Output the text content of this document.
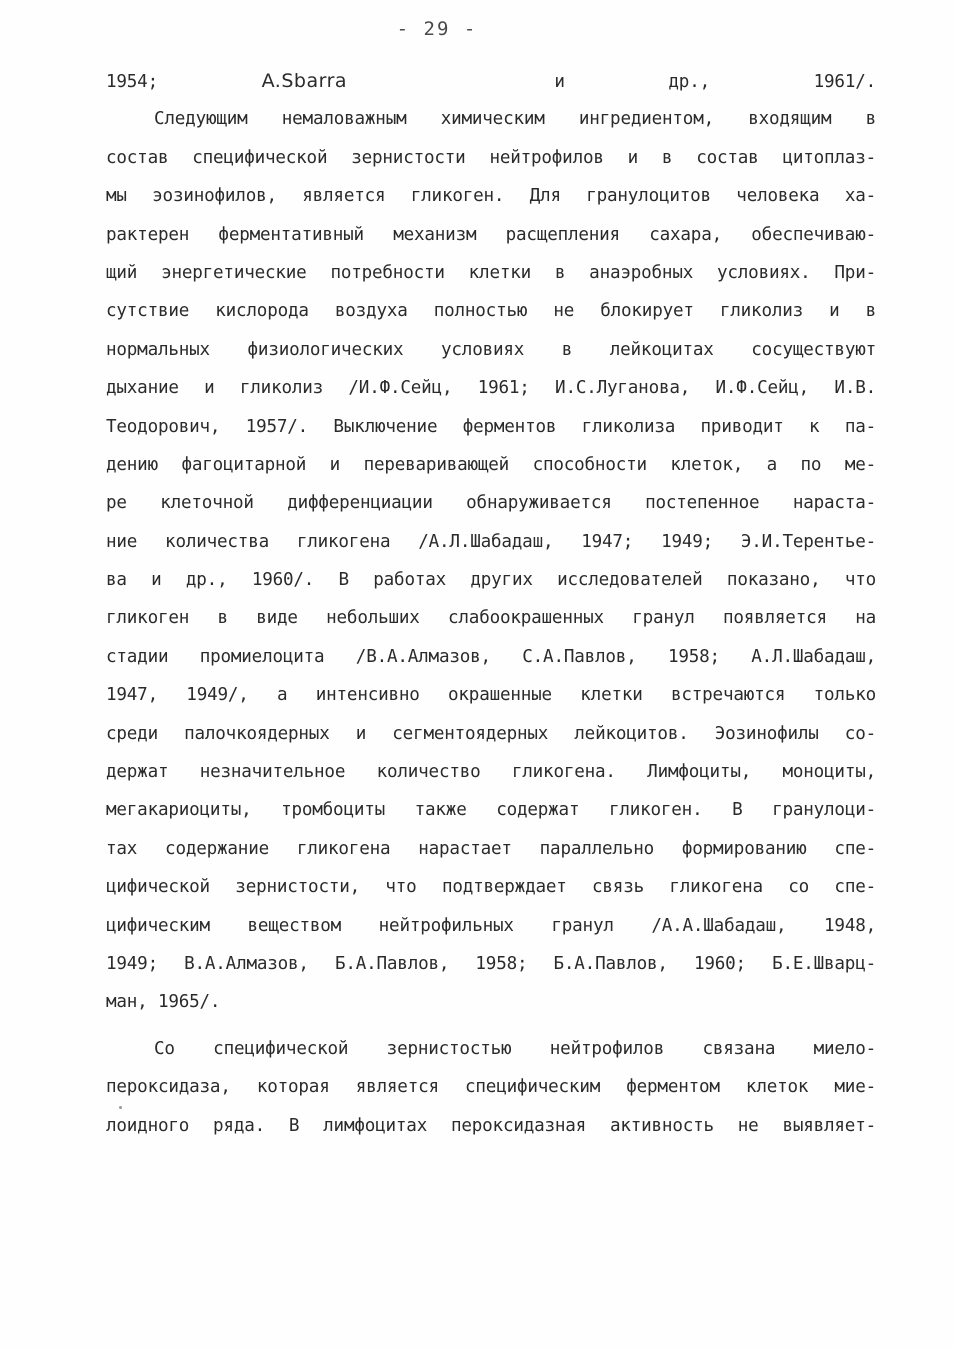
- 29 -
1954; A.Sbarra  и др., 1961/.
Следующим немаловажным химическим ингредиентом, входящим в
состав специфической зернистости нейтрофилов и в состав цитоплаз-
мы эозинофилов, является гликоген. Для гранулоцитов человека ха-
рактерен ферментативный механизм расщепления сахара, обеспечиваю-
щий энергетические потребности клетки в анаэробных условиях. При-
сутствие кислорода воздуха полностью не блокирует гликолиз и в
нормальных физиологических условиях в лейкоцитах сосуществуют
дыхание и гликолиз /И.Ф.Сейц, 1961; И.С.Луганова, И.Ф.Сейц, И.В.
Теодорович, 1957/. Выключение ферментов гликолиза приводит к па-
дению фагоцитарной и переваривающей способности клеток, а по ме-
ре клеточной дифференциации обнаруживается постепенное нараста-
ние количества гликогена /А.Л.Шабадаш, 1947; 1949; Э.И.Терентье-
ва и др., 1960/. В работах других исследователей показано, что
гликоген в виде небольших слабоокрашенных гранул появляется на
стадии промиелоцита /В.А.Алмазов, С.А.Павлов, 1958; А.Л.Шабадаш,
1947, 1949/, а интенсивно окрашенные клетки встречаются только
среди палочкоядерных и сегментоядерных лейкоцитов. Эозинофилы со-
держат незначительное количество гликогена. Лимфоциты, моноциты,
мегакариоциты, тромбоциты также содержат гликоген. В гранулоци-
тах содержание гликогена нарастает параллельно формированию спе-
цифической зернистости, что подтверждает связь гликогена со спе-
цифическим веществом нейтрофильных гранул /А.А.Шабадаш, 1948,
1949; В.А.Алмазов, Б.А.Павлов, 1958; Б.А.Павлов, 1960; Б.Е.Шварц-
ман, 1965/.
Со специфической зернистостью нейтрофилов связана миело-
пероксидаза, которая является специфическим ферментом клеток мие-
лоидного ряда. В лимфоцитах пероксидазная активность не выявляет-
